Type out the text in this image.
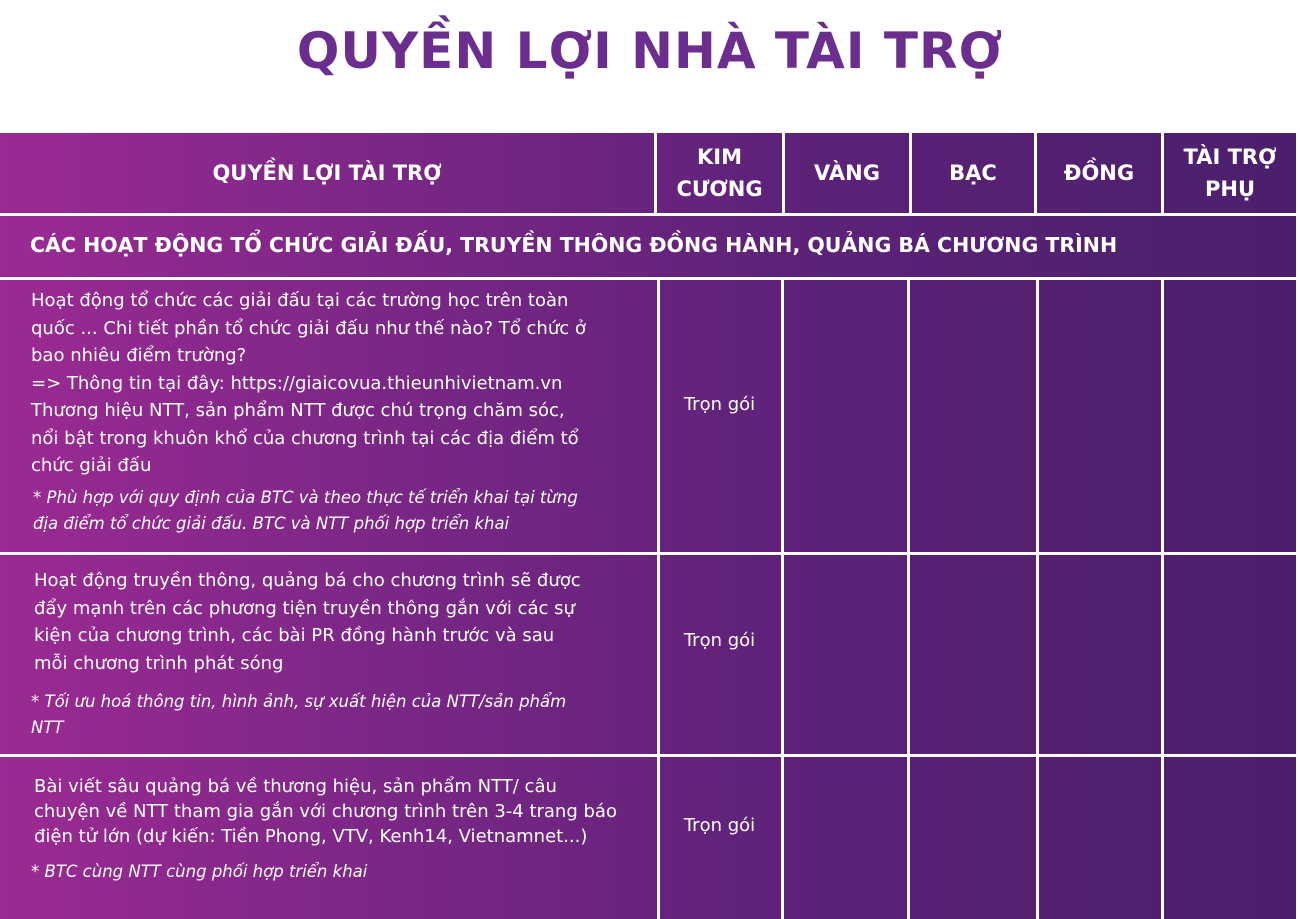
QUYỀN LỢI NHÀ TÀI TRỢ
QUYỀN LỢI TÀI TRỢ
KIM
CƯƠNG
VÀNG	BẠC	ĐỒNG
TÀI TRỢ
PHỤ
CÁC HOẠT ĐỘNG TỔ CHỨC GIẢI ĐẤU, TRUYỀN THÔNG ĐỒNG HÀNH, QUẢNG BÁ CHƯƠNG TRÌNH
Hoạt động tổ chức các giải đấu tại các trường học trên toàn
quốc ... Chi tiết phần tổ chức giải đấu như thế nào? Tổ chức ở
bao nhiêu điểm trường?
=> Thông tin tại đây: https://giaicovua.thieunhivietnam.vn
Thương hiệu NTT, sản phẩm NTT được chú trọng chăm sóc,
nổi bật trong khuôn khổ của chương trình tại các địa điểm tổ
chức giải đấu
* Phù hợp với quy định của BTC và theo thực tế triển khai tại từng
địa điểm tổ chức giải đấu. BTC và NTT phối hợp triển khai
Trọn gói
Hoạt động truyền thông, quảng bá cho chương trình sẽ được
đẩy mạnh trên các phương tiện truyền thông gắn với các sự
kiện của chương trình, các bài PR đồng hành trước và sau
mỗi chương trình phát sóng
* Tối ưu hoá thông tin, hình ảnh, sự xuất hiện của NTT/sản phẩm
NTT
Trọn gói
Bài viết sâu quảng bá về thương hiệu, sản phẩm NTT/ câu
chuyện về NTT tham gia gắn với chương trình trên 3-4 trang báo
điện tử lớn (dự kiến: Tiền Phong, VTV, Kenh14, Vietnamnet...)
* BTC cùng NTT cùng phối hợp triển khai
Trọn gói
